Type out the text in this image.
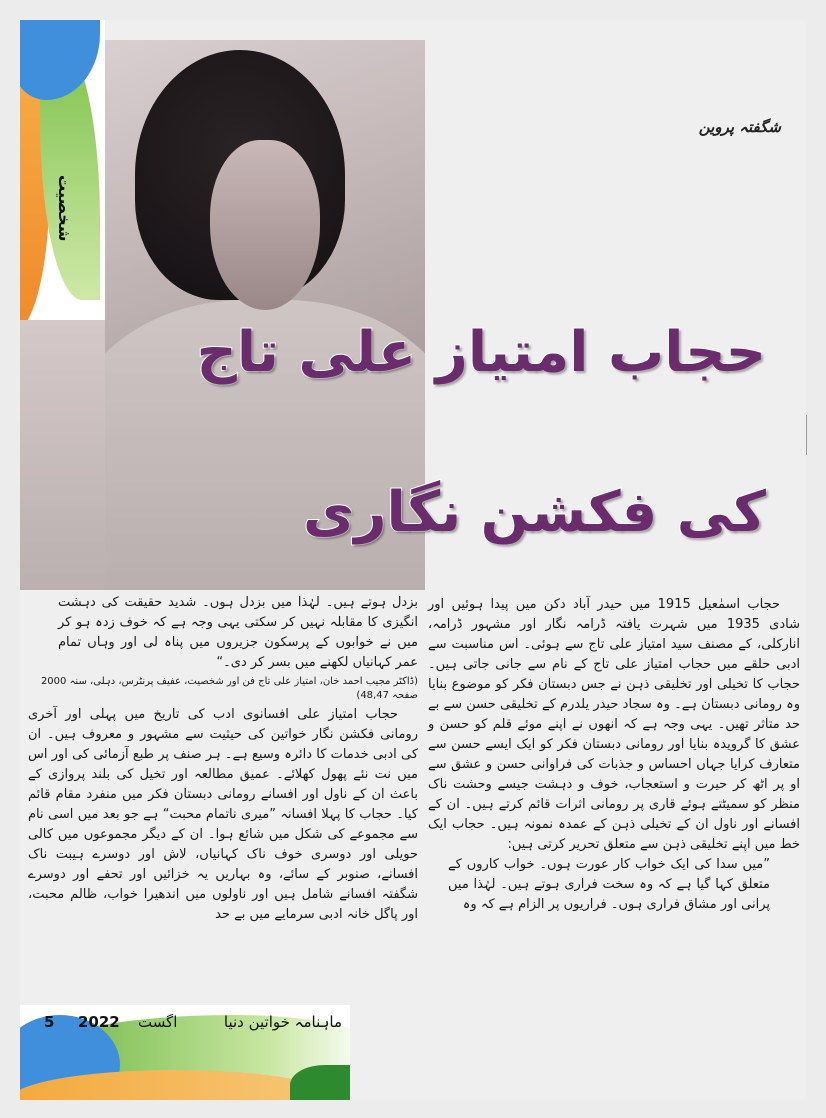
شخصیت
شگفتہ پروین
حجاب امتیاز علی تاج
کی فکشن نگاری
حجاب اسمٰعیل 1915 میں حیدر آباد دکن میں پیدا ہوئیں اور شادی 1935 میں شہرت یافتہ ڈرامہ نگار اور مشہور ڈرامہ، انارکلی، کے مصنف سید امتیاز علی تاج سے ہوئی۔ اس مناسبت سے ادبی حلقے میں حجاب امتیاز علی تاج کے نام سے جانی جاتی ہیں۔ حجاب کا تخیلی اور تخلیقی ذہن نے جس دبستان فکر کو موضوع بنایا وہ رومانی دبستان ہے۔ وہ سجاد حیدر یلدرم کے تخلیقی حسن سے بے حد متاثر تھیں۔ یہی وجہ ہے کہ انھوں نے اپنے موئے قلم کو حسن و عشق کا گرویدہ بنایا اور رومانی دبستان فکر کو ایک ایسے حسن سے متعارف کرایا جہاں احساس و جذبات کی فراوانی حسن و عشق سے او پر اٹھ کر حیرت و استعجاب، خوف و دہشت جیسے وحشت ناک منظر کو سمیٹتے ہوئے قاری پر رومانی اثرات قائم کرتے ہیں۔ ان کے افسانے اور ناول ان کے تخیلی ذہن کے عمدہ نمونہ ہیں۔ حجاب ایک خط میں اپنے تخلیقی ذہن سے متعلق تحریر کرتی ہیں:
”میں سدا کی ایک خواب کار عورت ہوں۔ خواب کاروں کے متعلق کہا گیا ہے کہ وہ سخت فراری ہوتے ہیں۔ لہٰذا میں پرانی اور مشاق فراری ہوں۔ فراریوں پر الزام ہے کہ وہ
بزدل ہوتے ہیں۔ لہٰذا میں بزدل ہوں۔ شدید حقیقت کی دہشت انگیزی کا مقابلہ نہیں کر سکتی یہی وجہ ہے کہ خوف زدہ ہو کر میں نے خوابوں کے پرسکون جزیروں میں پناہ لی اور وہاں تمام عمر کہانیاں لکھنے میں بسر کر دی۔“
(ڈاکٹر مجیب احمد خان، امتیاز علی تاج فن اور شخصیت، عفیف پرنٹرس، دہلی، سنہ 2000 صفحہ 48,47)
حجاب امتیاز علی افسانوی ادب کی تاریخ میں پہلی اور آخری رومانی فکشن نگار خواتین کی حیثیت سے مشہور و معروف ہیں۔ ان کی ادبی خدمات کا دائرہ وسیع ہے۔ ہر صنف پر طبع آزمائی کی اور اس میں نت نئے پھول کھلائے۔ عمیق مطالعہ اور تخیل کی بلند پروازی کے باعث ان کے ناول اور افسانے رومانی دبستان فکر میں منفرد مقام قائم کیا۔ حجاب کا پہلا افسانہ ”میری ناتمام محبت“ ہے جو بعد میں اسی نام سے مجموعے کی شکل میں شائع ہوا۔ ان کے دیگر مجموعوں میں کالی حویلی اور دوسری خوف ناک کہانیاں، لاش اور دوسرے ہیبت ناک افسانے، صنوبر کے سائے، وہ بہاریں یہ خزائیں اور تحفے اور دوسرے شگفتہ افسانے شامل ہیں اور ناولوں میں اندھیرا خواب، ظالم محبت، اور پاگل خانہ ادبی سرمایے میں بے حد
ماہنامہ خواتین دنیا
اگست
2022
5
